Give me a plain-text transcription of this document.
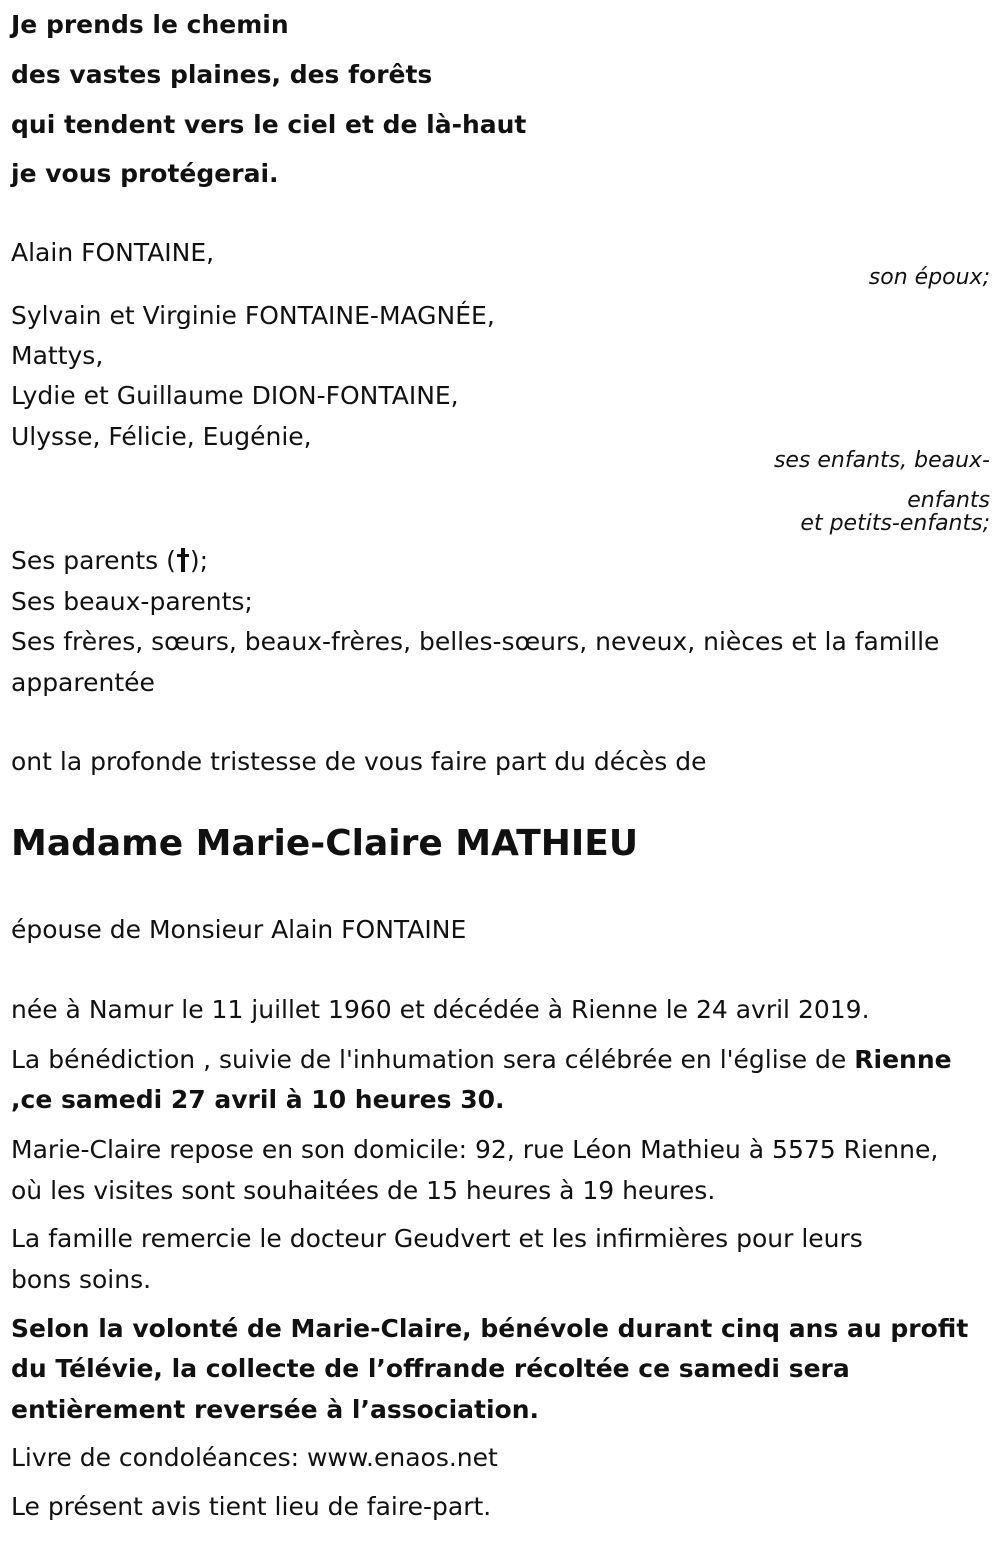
Je prends le chemin
des vastes plaines, des forêts
qui tendent vers le ciel et de là-haut
je vous protégerai.
Alain FONTAINE,
son époux;
Sylvain et Virginie FONTAINE-MAGNÉE,
Mattys,
Lydie et Guillaume DION-FONTAINE,
Ulysse, Félicie, Eugénie,
ses enfants, beaux-
enfants
et petits-enfants;
Ses parents ( );
Ses beaux-parents;
Ses frères, sœurs, beaux-frères, belles-sœurs, neveux, nièces et la famille
apparentée
ont la profonde tristesse de vous faire part du décès de
Madame Marie-Claire MATHIEU
épouse de Monsieur Alain FONTAINE
née à Namur le 11 juillet 1960 et décédée à Rienne le 24 avril 2019.
La bénédiction , suivie de l'inhumation sera célébrée en l'église de Rienne
,ce samedi 27 avril à 10 heures 30.
Marie-Claire repose en son domicile: 92, rue Léon Mathieu à 5575 Rienne,
où les visites sont souhaitées de 15 heures à 19 heures.
La famille remercie le docteur Geudvert et les infirmières pour leurs
bons soins.
Selon la volonté de Marie-Claire, bénévole durant cinq ans au profit
du Télévie, la collecte de l’offrande récoltée ce samedi sera
entièrement reversée à l’association.
Livre de condoléances: www.enaos.net
Le présent avis tient lieu de faire-part.
